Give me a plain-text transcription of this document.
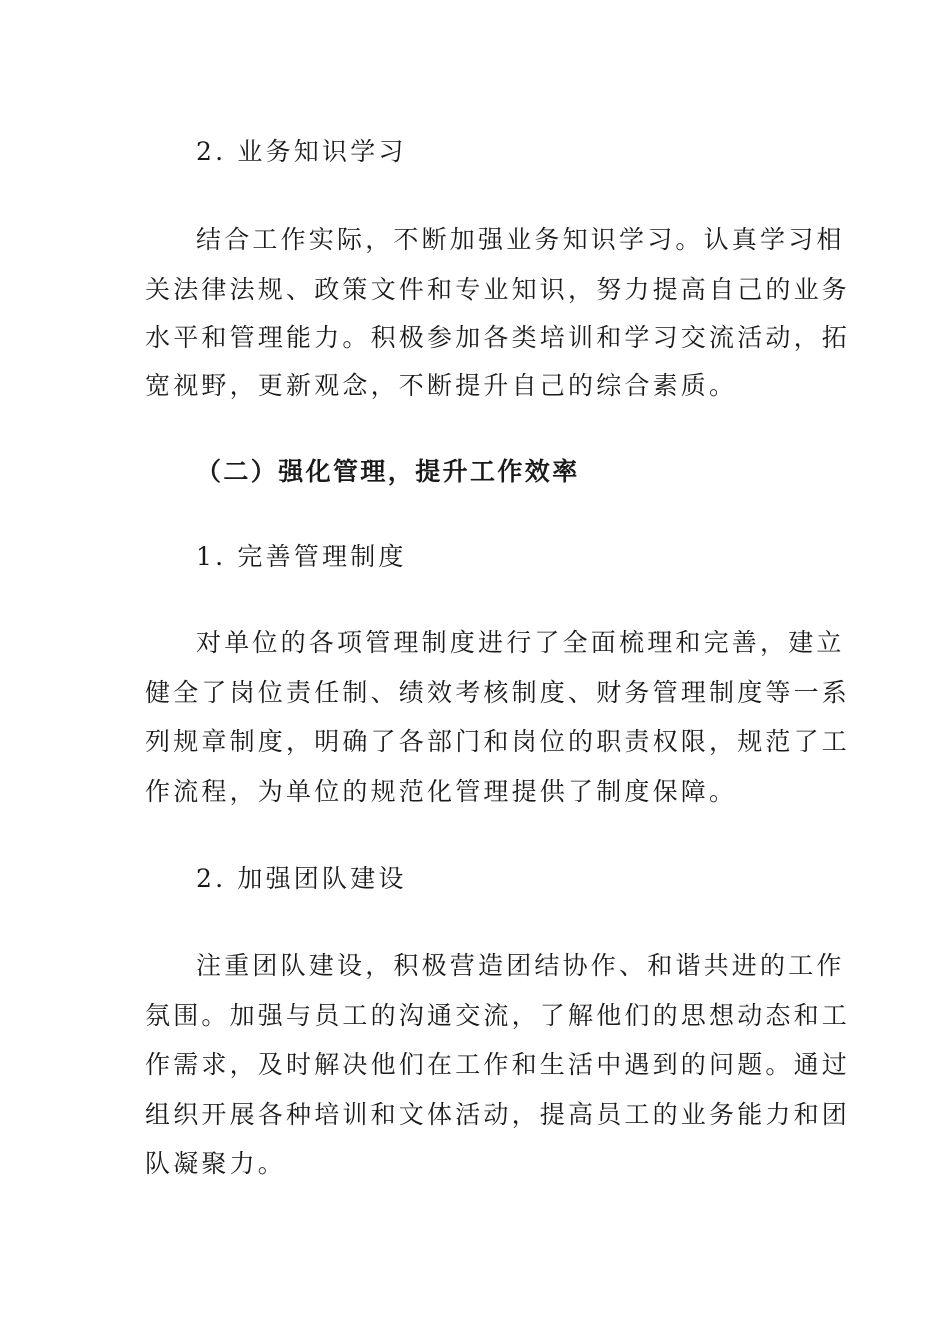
2. 业务知识学习
结合工作实际，不断加强业务知识学习。认真学习相
关法律法规、政策文件和专业知识，努力提高自己的业务
水平和管理能力。积极参加各类培训和学习交流活动，拓
宽视野，更新观念，不断提升自己的综合素质。
（二）强化管理，提升工作效率
1. 完善管理制度
对单位的各项管理制度进行了全面梳理和完善，建立
健全了岗位责任制、绩效考核制度、财务管理制度等一系
列规章制度，明确了各部门和岗位的职责权限，规范了工
作流程，为单位的规范化管理提供了制度保障。
2. 加强团队建设
注重团队建设，积极营造团结协作、和谐共进的工作
氛围。加强与员工的沟通交流，了解他们的思想动态和工
作需求，及时解决他们在工作和生活中遇到的问题。通过
组织开展各种培训和文体活动，提高员工的业务能力和团
队凝聚力。
